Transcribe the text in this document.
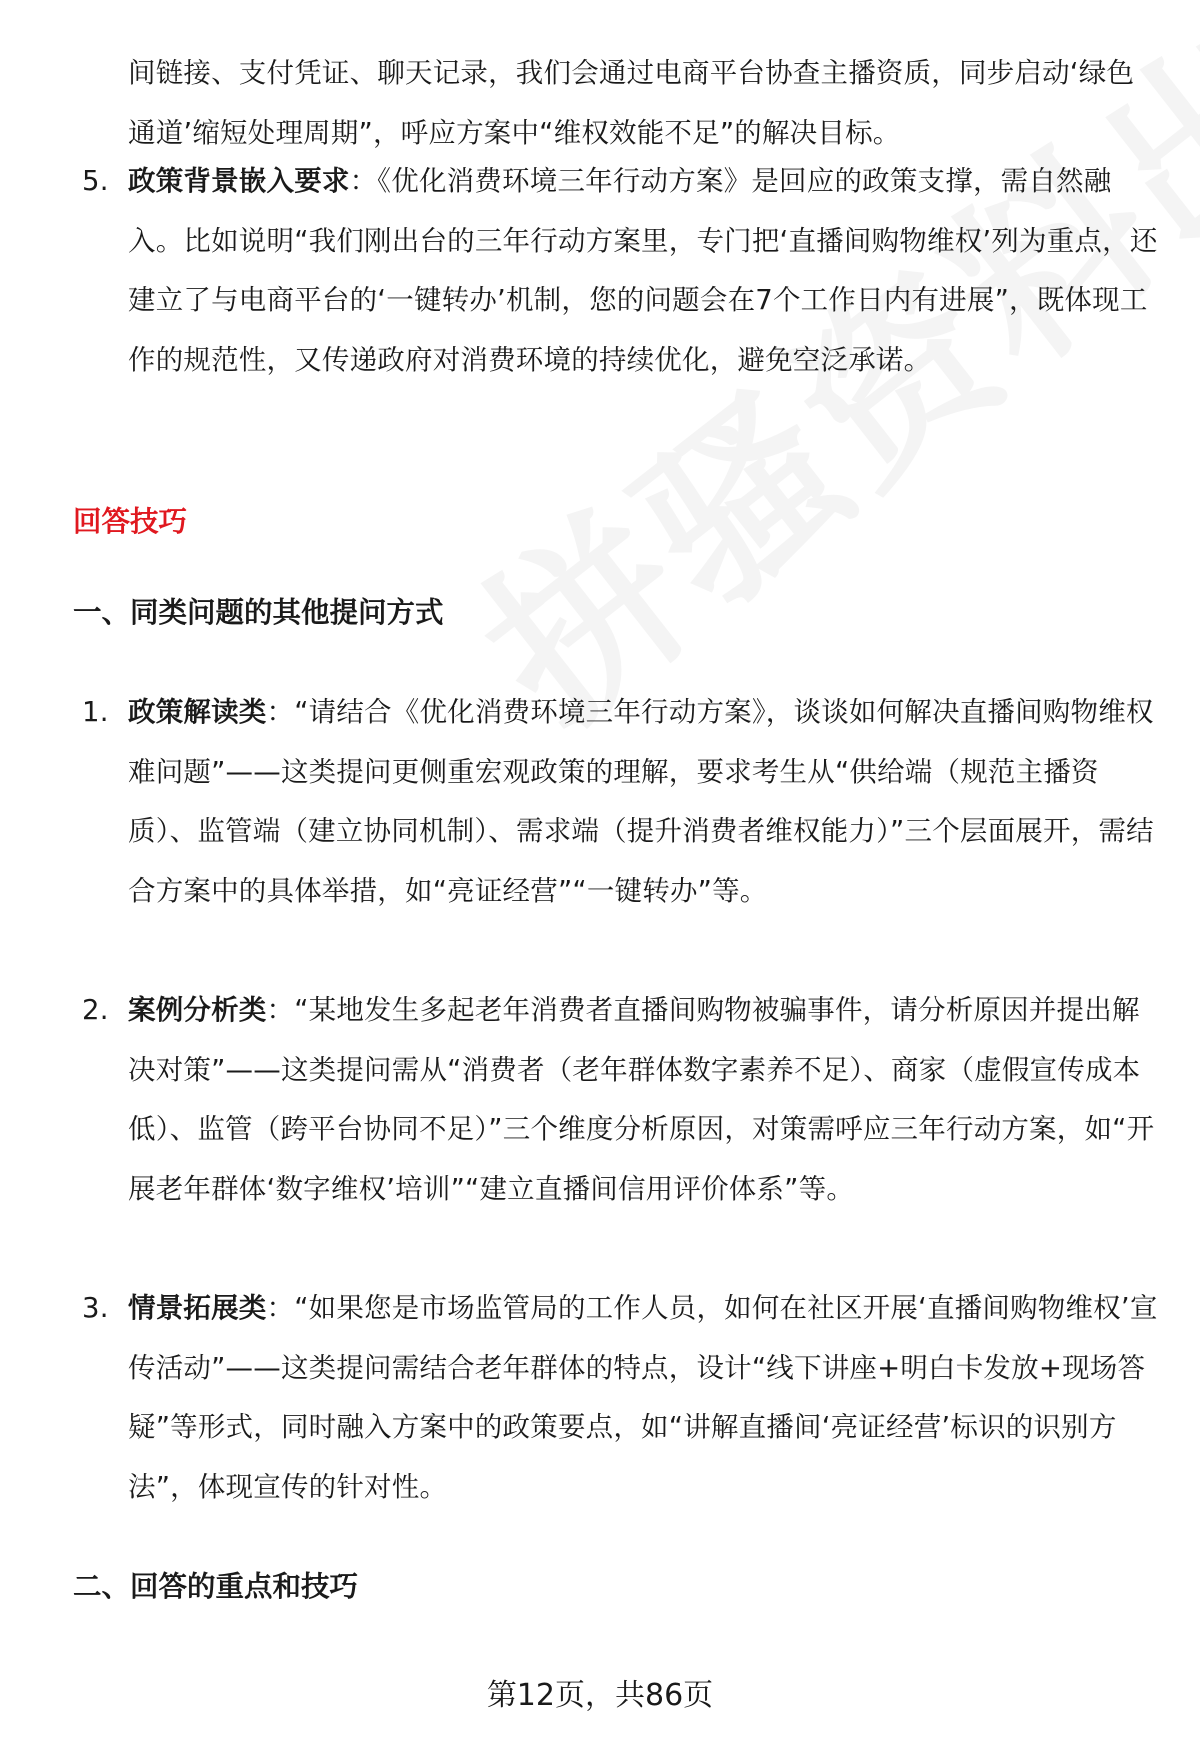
间链接、支付凭证、聊天记录，我们会通过电商平台协查主播资质，同步启动‘绿色通道’缩短处理周期”，呼应方案中“维权效能不足”的解决目标。
5. 政策背景嵌入要求：《优化消费环境三年行动方案》是回应的政策支撑，需自然融入。比如说明“我们刚出台的三年行动方案里，专门把‘直播间购物维权’列为重点，还建立了与电商平台的‘一键转办’机制，您的问题会在7个工作日内有进展”，既体现工作的规范性，又传递政府对消费环境的持续优化，避免空泛承诺。
回答技巧
一、同类问题的其他提问方式
1. 政策解读类：“请结合《优化消费环境三年行动方案》，谈谈如何解决直播间购物维权难问题”——这类提问更侧重宏观政策的理解，要求考生从“供给端（规范主播资质）、监管端（建立协同机制）、需求端（提升消费者维权能力）”三个层面展开，需结合方案中的具体举措，如“亮证经营”“一键转办”等。
2. 案例分析类：“某地发生多起老年消费者直播间购物被骗事件，请分析原因并提出解决对策”——这类提问需从“消费者（老年群体数字素养不足）、商家（虚假宣传成本低）、监管（跨平台协同不足）”三个维度分析原因，对策需呼应三年行动方案，如“开展老年群体‘数字维权’培训”“建立直播间信用评价体系”等。
3. 情景拓展类：“如果您是市场监管局的工作人员，如何在社区开展‘直播间购物维权’宣传活动”——这类提问需结合老年群体的特点，设计“线下讲座+明白卡发放+现场答疑”等形式，同时融入方案中的政策要点，如“讲解直播间‘亮证经营’标识的识别方法”，体现宣传的针对性。
二、回答的重点和技巧
第12页，共86页
